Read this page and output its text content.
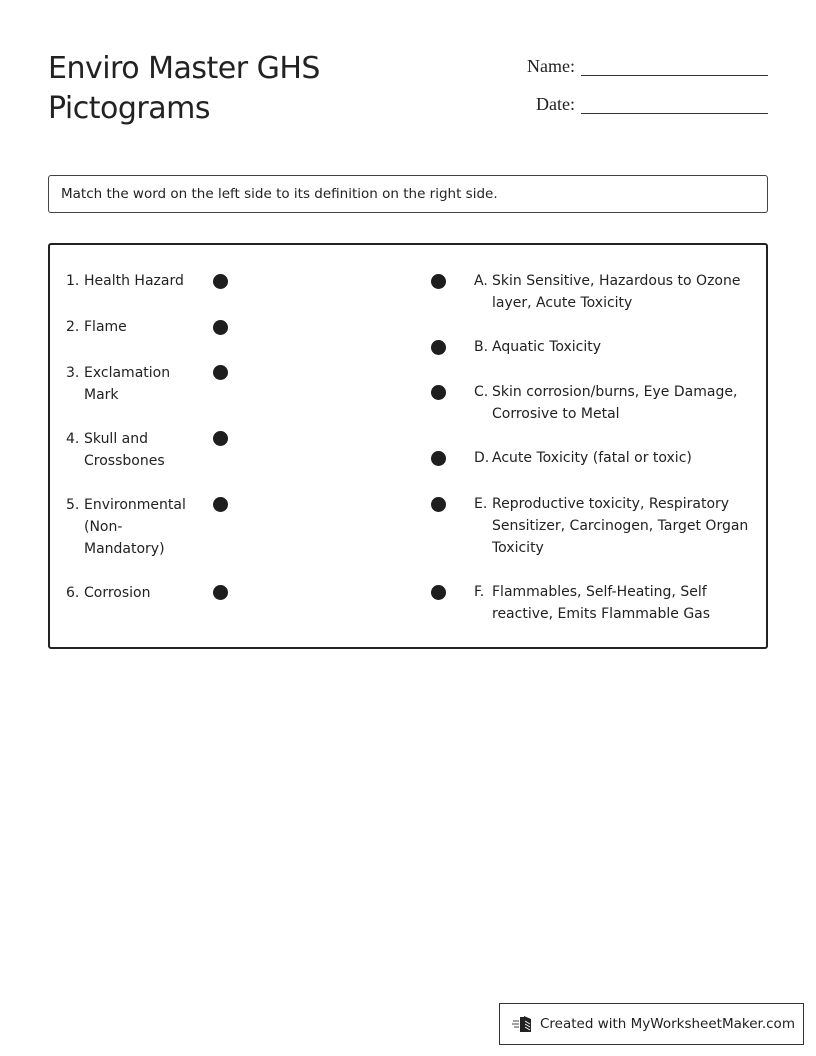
Enviro Master GHS Pictograms
Name:
Date:
Match the word on the left side to its definition on the right side.
1. Health Hazard
2. Flame
3. Exclamation Mark
4. Skull and Crossbones
5. Environmental (Non-Mandatory)
6. Corrosion
A. Skin Sensitive, Hazardous to Ozone layer, Acute Toxicity
B. Aquatic Toxicity
C. Skin corrosion/burns, Eye Damage, Corrosive to Metal
D. Acute Toxicity (fatal or toxic)
E. Reproductive toxicity, Respiratory Sensitizer, Carcinogen, Target Organ Toxicity
F. Flammables, Self-Heating, Self reactive, Emits Flammable Gas
Created with MyWorksheetMaker.com
